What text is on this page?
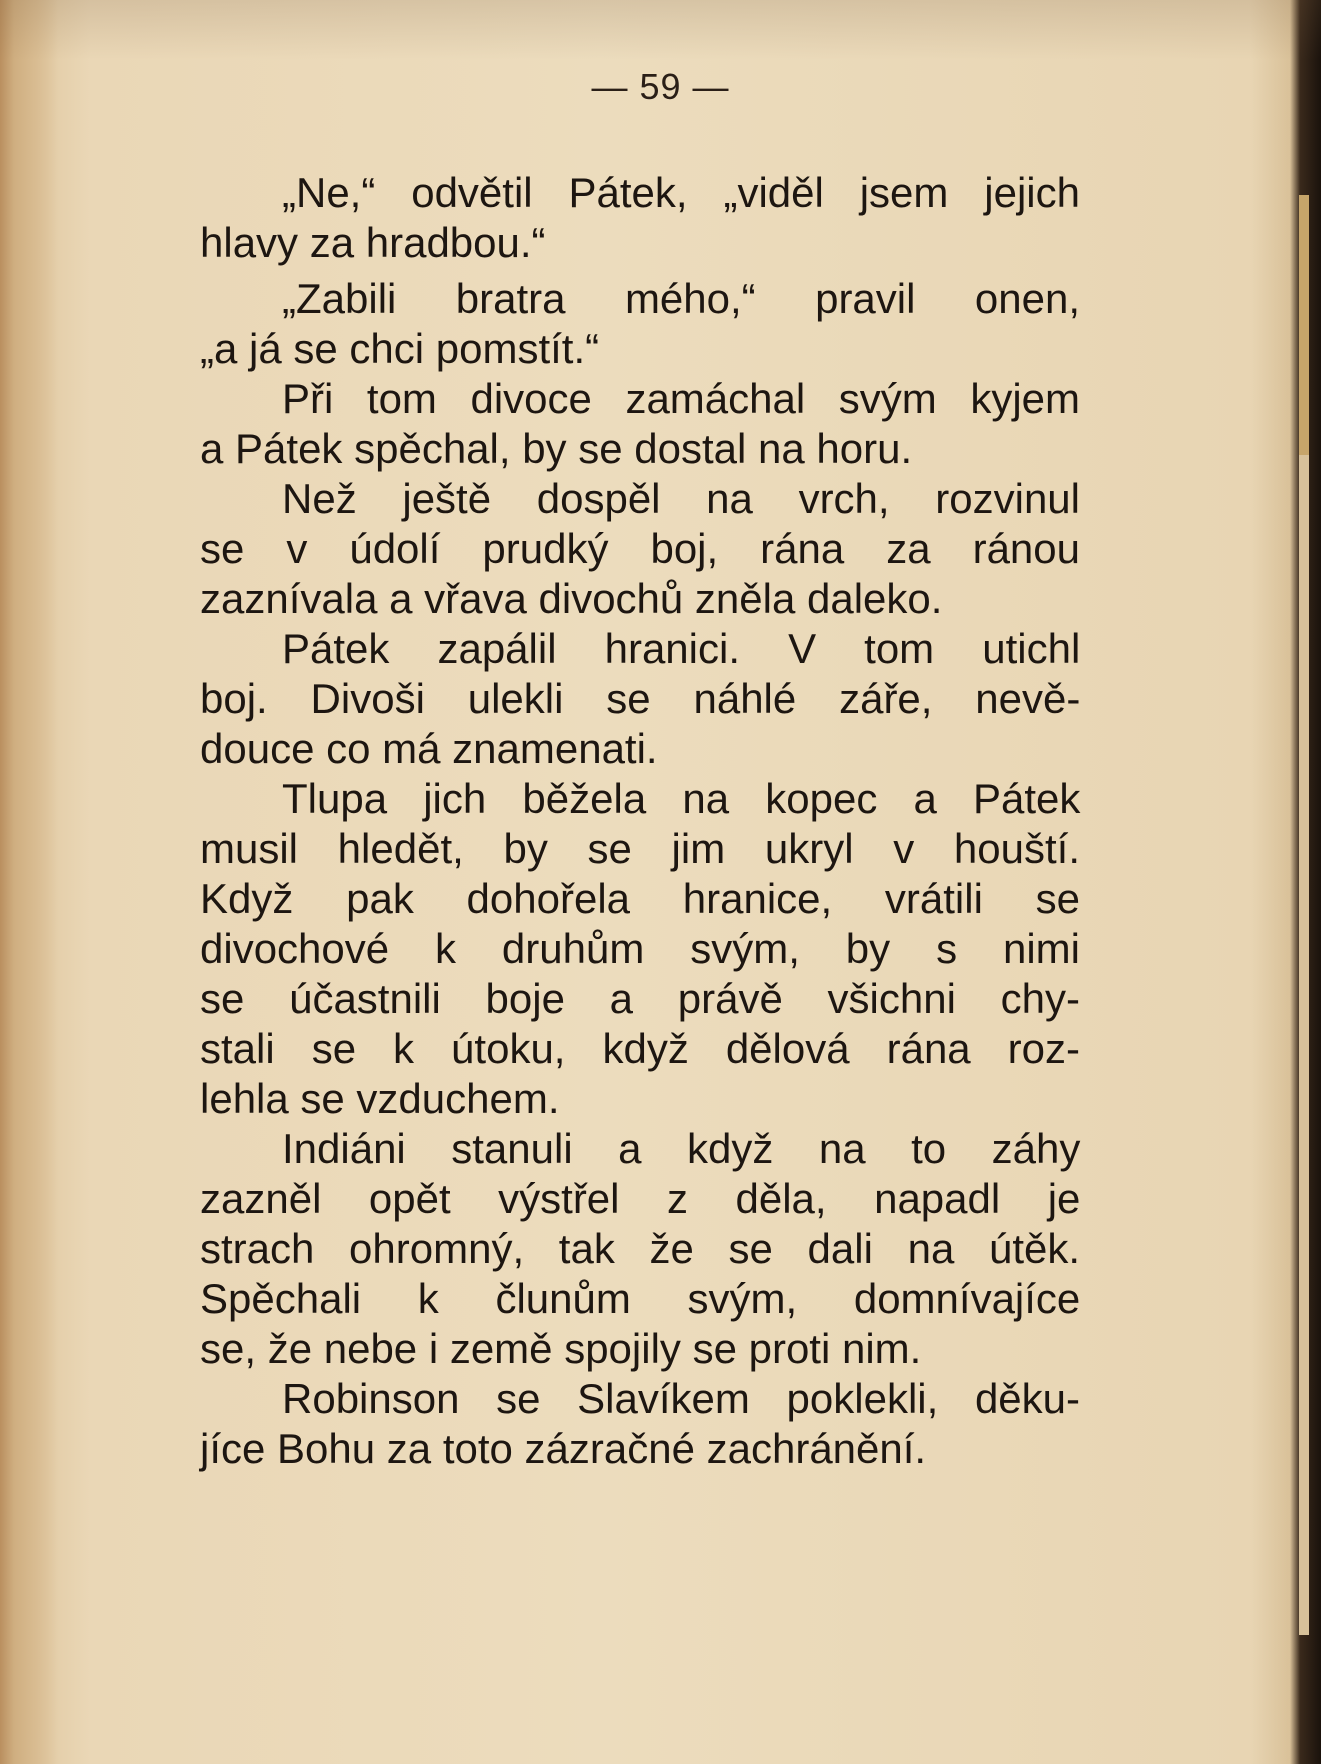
— 59 —
„Ne,“ odvětil Pátek, „viděl jsem jejich
hlavy za hradbou.“
„Zabili bratra mého,“ pravil onen,
„a já se chci pomstít.“
Při tom divoce zamáchal svým kyjem
a Pátek spěchal, by se dostal na horu.
Než ještě dospěl na vrch, rozvinul
se v údolí prudký boj, rána za ránou
zaznívala a vřava divochů zněla daleko.
Pátek zapálil hranici. V tom utichl
boj. Divoši ulekli se náhlé záře, nevě-
douce co má znamenati.
Tlupa jich běžela na kopec a Pátek
musil hledět, by se jim ukryl v houští.
Když pak dohořela hranice, vrátili se
divochové k druhům svým, by s nimi
se účastnili boje a právě všichni chy-
stali se k útoku, když dělová rána roz-
lehla se vzduchem.
Indiáni stanuli a když na to záhy
zazněl opět výstřel z děla, napadl je
strach ohromný, tak že se dali na útěk.
Spěchali k člunům svým, domnívajíce
se, že nebe i země spojily se proti nim.
Robinson se Slavíkem poklekli, děku-
jíce Bohu za toto zázračné zachránění.
